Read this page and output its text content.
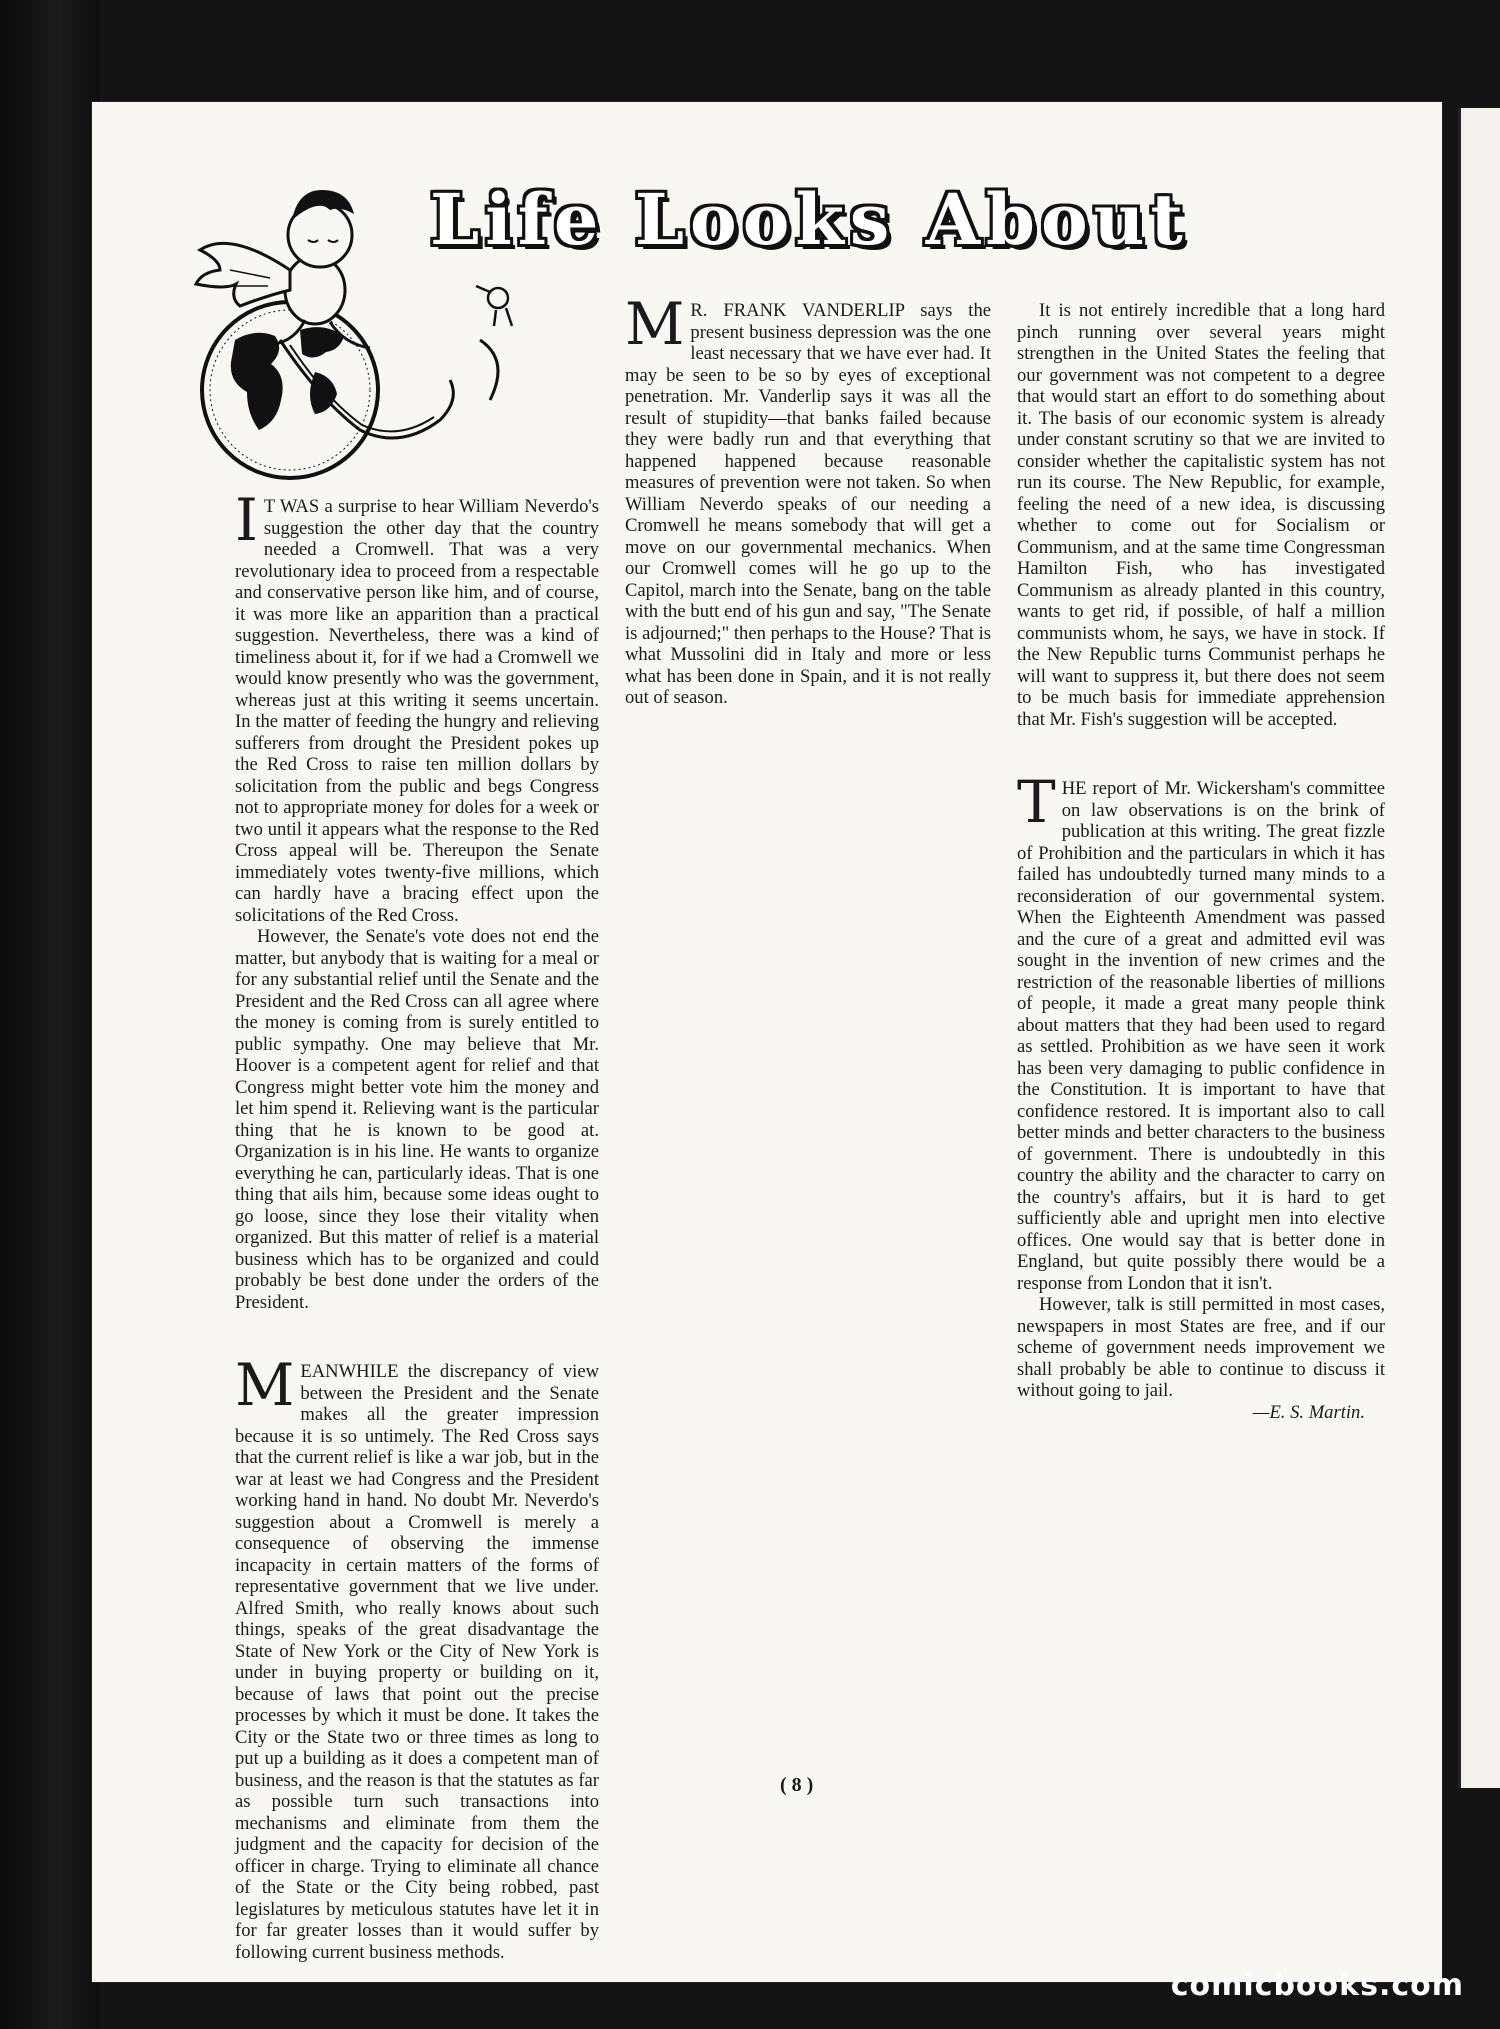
Life Looks About

I T WAS a surprise to hear William Neverdo's suggestion the other day that the country needed a Cromwell. That was a very revolutionary idea to proceed from a respectable and conservative person like him, and of course, it was more like an apparition than a practical suggestion. Nevertheless, there was a kind of timeliness about it, for if we had a Cromwell we would know presently who was the government, whereas just at this writing it seems uncertain. In the matter of feeding the hungry and relieving sufferers from drought the President pokes up the Red Cross to raise ten million dollars by solicitation from the public and begs Congress not to appropriate money for doles for a week or two until it appears what the response to the Red Cross appeal will be. Thereupon the Senate immediately votes twenty-five millions, which can hardly have a bracing effect upon the solicitations of the Red Cross.

However, the Senate's vote does not end the matter, but anybody that is waiting for a meal or for any substantial relief until the Senate and the President and the Red Cross can all agree where the money is coming from is surely entitled to public sympathy. One may believe that Mr. Hoover is a competent agent for relief and that Congress might better vote him the money and let him spend it. Relieving want is the particular thing that he is known to be good at. Organization is in his line. He wants to organize everything he can, particularly ideas. That is one thing that ails him, because some ideas ought to go loose, since they lose their vitality when organized. But this matter of relief is a material business which has to be organized and could probably be best done under the orders of the President.

MEANWHILE the discrepancy of view between the President and the Senate makes all the greater impression because it is so untimely. The Red Cross says that the current relief is like a war job, but in the war at least we had Congress and the President working hand in hand. No doubt Mr. Neverdo's suggestion about a Cromwell is merely a consequence of observing the immense incapacity in certain matters of the forms of representative government that we live under. Alfred Smith, who really knows about such things, speaks of the great disadvantage the State of New York or the City of New York is under in buying property or building on it, because of laws that point out the precise processes by which it must be done. It takes the City or the State two or three times as long to put up a building as it does a competent man of business, and the reason is that the statutes as far as possible turn such transactions into mechanisms and eliminate from them the judgment and the capacity for decision of the officer in charge. Trying to eliminate all chance of the State or the City being robbed, past legislatures by meticulous statutes have let it in for far greater losses than it would suffer by following current business methods.

M R. FRANK VANDERLIP says the present business depression was the one least necessary that we have ever had. It may be seen to be so by eyes of exceptional penetration. Mr. Vanderlip says it was all the result of stupidity—that banks failed because they were badly run and that everything that happened happened because reasonable measures of prevention were not taken. So when William Neverdo speaks of our needing a Cromwell he means somebody that will get a move on our governmental mechanics. When our Cromwell comes will he go up to the Capitol, march into the Senate, bang on the table with the butt end of his gun and say, "The Senate is adjourned;" then perhaps to the House? That is what Mussolini did in Italy and more or less what has been done in Spain, and it is not really out of season.

It is not entirely incredible that a long hard pinch running over several years might strengthen in the United States the feeling that our government was not competent to a degree that would start an effort to do something about it. The basis of our economic system is already under constant scrutiny so that we are invited to consider whether the capitalistic system has not run its course. The New Republic, for example, feeling the need of a new idea, is discussing whether to come out for Socialism or Communism, and at the same time Congressman Hamilton Fish, who has investigated Communism as already planted in this country, wants to get rid, if possible, of half a million communists whom, he says, we have in stock. If the New Republic turns Communist perhaps he will want to suppress it, but there does not seem to be much basis for immediate apprehension that Mr. Fish's suggestion will be accepted.

THE report of Mr. Wickersham's committee on law observations is on the brink of publication at this writing. The great fizzle of Prohibition and the particulars in which it has failed has undoubtedly turned many minds to a reconsideration of our governmental system. When the Eighteenth Amendment was passed and the cure of a great and admitted evil was sought in the invention of new crimes and the restriction of the reasonable liberties of millions of people, it made a great many people think about matters that they had been used to regard as settled. Prohibition as we have seen it work has been very damaging to public confidence in the Constitution. It is important to have that confidence restored. It is important also to call better minds and better characters to the business of government. There is undoubtedly in this country the ability and the character to carry on the country's affairs, but it is hard to get sufficiently able and upright men into elective offices. One would say that is better done in England, but quite possibly there would be a response from London that it isn't.

However, talk is still permitted in most cases, newspapers in most States are free, and if our scheme of government needs improvement we shall probably be able to continue to discuss it without going to jail.

—E. S. Martin.

( 8 )
comicbooks.com
